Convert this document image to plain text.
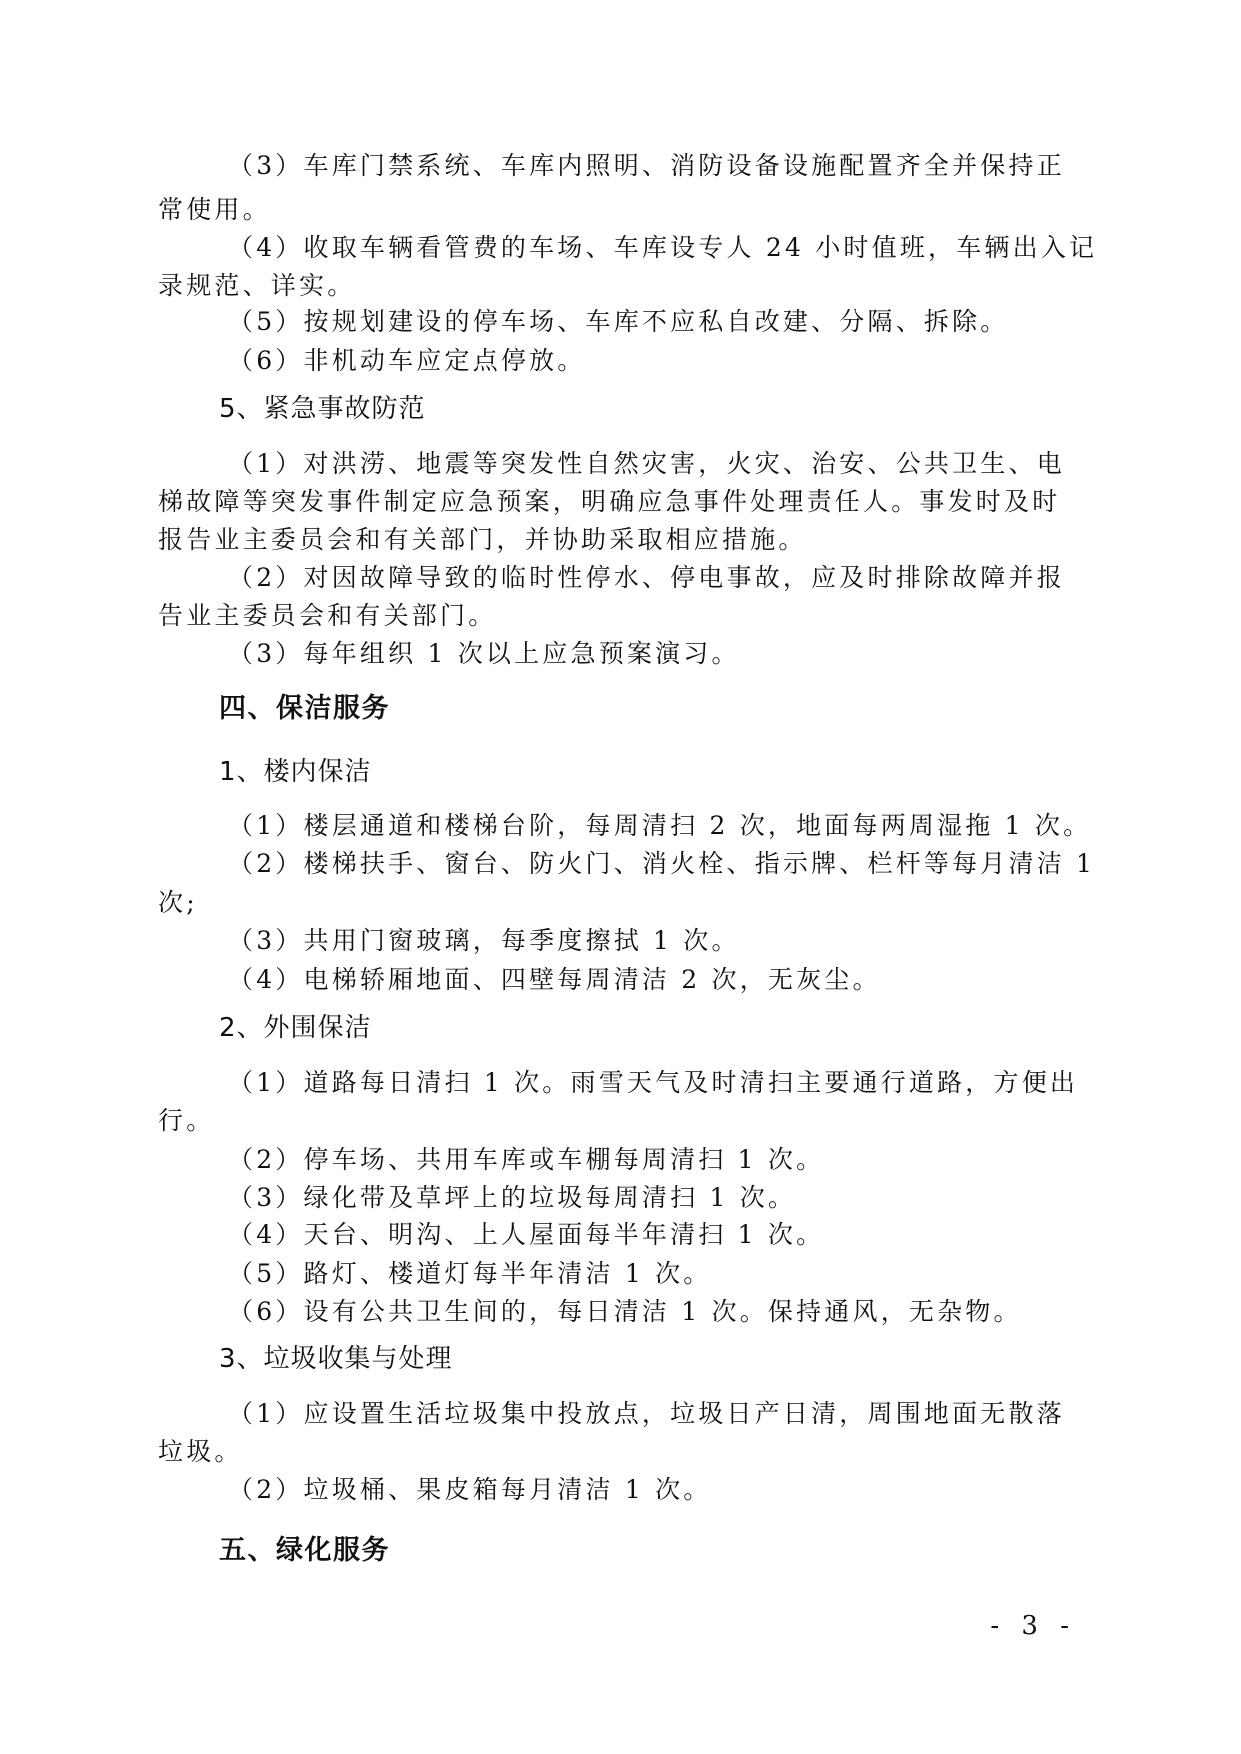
（3）车库门禁系统、车库内照明、消防设备设施配置齐全并保持正
常使用。
（4）收取车辆看管费的车场、车库设专人 24 小时值班，车辆出入记
录规范、详实。
（5）按规划建设的停车场、车库不应私自改建、分隔、拆除。
（6）非机动车应定点停放。
5、紧急事故防范
（1）对洪涝、地震等突发性自然灾害，火灾、治安、公共卫生、电
梯故障等突发事件制定应急预案，明确应急事件处理责任人。事发时及时
报告业主委员会和有关部门，并协助采取相应措施。
（2）对因故障导致的临时性停水、停电事故，应及时排除故障并报
告业主委员会和有关部门。
（3）每年组织 1 次以上应急预案演习。
四、保洁服务
1、楼内保洁
（1）楼层通道和楼梯台阶，每周清扫 2 次，地面每两周湿拖 1 次。
（2）楼梯扶手、窗台、防火门、消火栓、指示牌、栏杆等每月清洁 1
次;
（3）共用门窗玻璃，每季度擦拭 1 次。
（4）电梯轿厢地面、四壁每周清洁 2 次，无灰尘。
2、外围保洁
（1）道路每日清扫 1 次。雨雪天气及时清扫主要通行道路，方便出
行。
（2）停车场、共用车库或车棚每周清扫 1 次。
（3）绿化带及草坪上的垃圾每周清扫 1 次。
（4）天台、明沟、上人屋面每半年清扫 1 次。
（5）路灯、楼道灯每半年清洁 1 次。
（6）设有公共卫生间的，每日清洁 1 次。保持通风，无杂物。
3、垃圾收集与处理
（1）应设置生活垃圾集中投放点，垃圾日产日清，周围地面无散落
垃圾。
（2）垃圾桶、果皮箱每月清洁 1 次。
五、绿化服务
- 3 -
